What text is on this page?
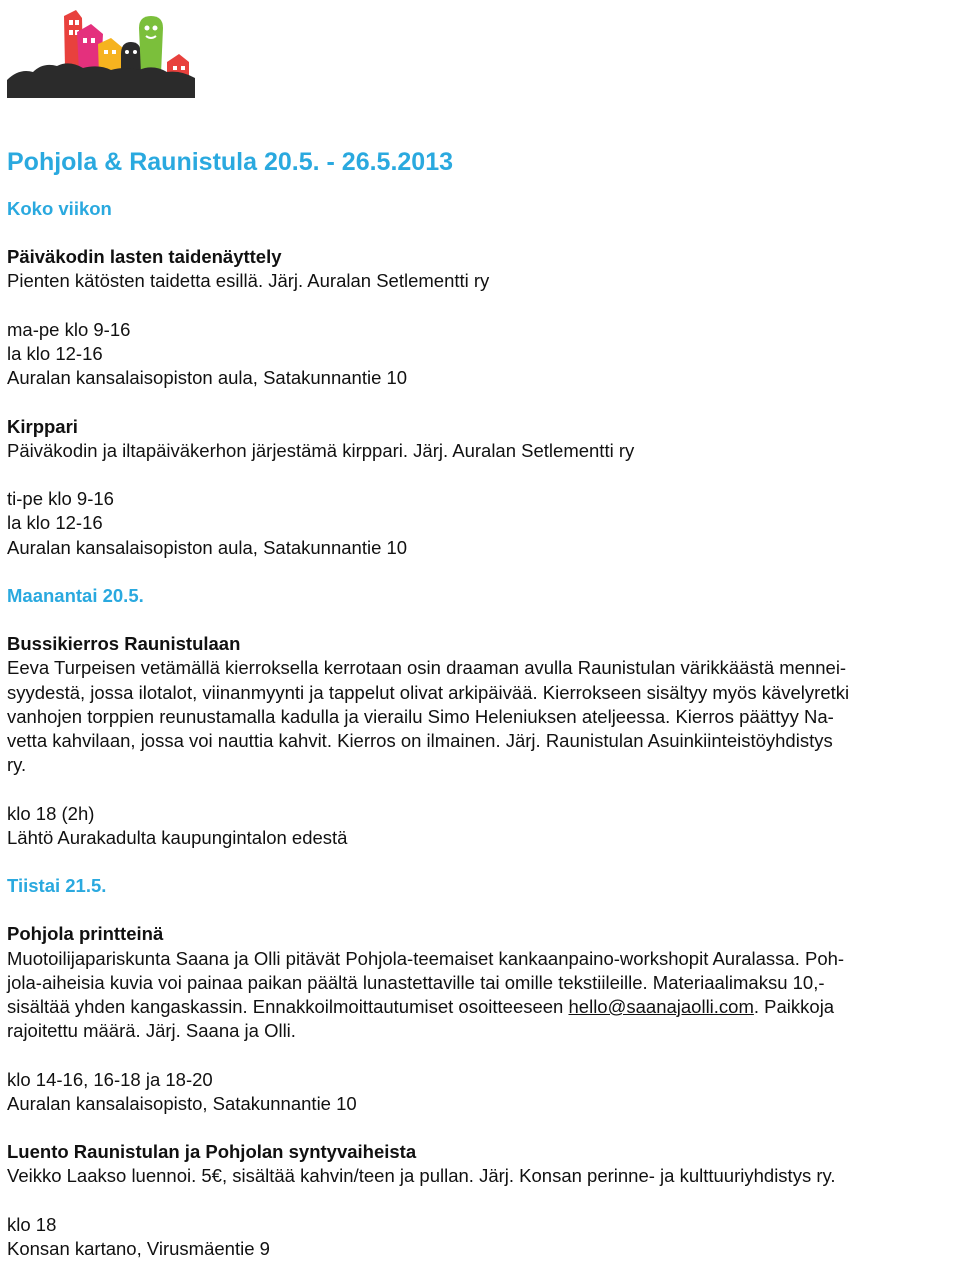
Pohjola & Raunistula 20.5. - 26.5.2013
Koko viikon

Päiväkodin lasten taidenäyttely

Pienten kätösten taidetta esillä. Järj. Auralan Setlementti ry

ma-pe klo 9-16

la klo 12-16

Auralan kansalaisopiston aula, Satakunnantie 10

Kirppari

Päiväkodin ja iltapäiväkerhon järjestämä kirppari. Järj. Auralan Setlementti ry

ti-pe klo 9-16

la klo 12-16

Auralan kansalaisopiston aula, Satakunnantie 10

Maanantai 20.5.

Bussikierros Raunistulaan

Eeva Turpeisen vetämällä kierroksella kerrotaan osin draaman avulla Raunistulan värikkäästä mennei-

syydestä, jossa ilotalot, viinanmyynti ja tappelut olivat arkipäivää. Kierrokseen sisältyy myös kävelyretki

vanhojen torppien reunustamalla kadulla ja vierailu Simo Heleniuksen ateljeessa. Kierros päättyy Na-

vetta kahvilaan, jossa voi nauttia kahvit. Kierros on ilmainen. Järj. Raunistulan Asuinkiinteistöyhdistys

ry.

klo 18 (2h)

Lähtö Aurakadulta kaupungintalon edestä

Tiistai 21.5.

Pohjola printteinä

Muotoilijapariskunta Saana ja Olli pitävät Pohjola-teemaiset kankaanpaino-workshopit Auralassa. Poh-

jola-aiheisia kuvia voi painaa paikan päältä lunastettaville tai omille tekstiileille. Materiaalimaksu 10,-

sisältää yhden kangaskassin. Ennakkoilmoittautumiset osoitteeseen hello@saanajaolli.com. Paikkoja

rajoitettu määrä. Järj. Saana ja Olli.

klo 14-16, 16-18 ja 18-20

Auralan kansalaisopisto, Satakunnantie 10

Luento Raunistulan ja Pohjolan syntyvaiheista

Veikko Laakso luennoi. 5€, sisältää kahvin/teen ja pullan. Järj. Konsan perinne- ja kulttuuriyhdistys ry.

klo 18

Konsan kartano, Virusmäentie 9
